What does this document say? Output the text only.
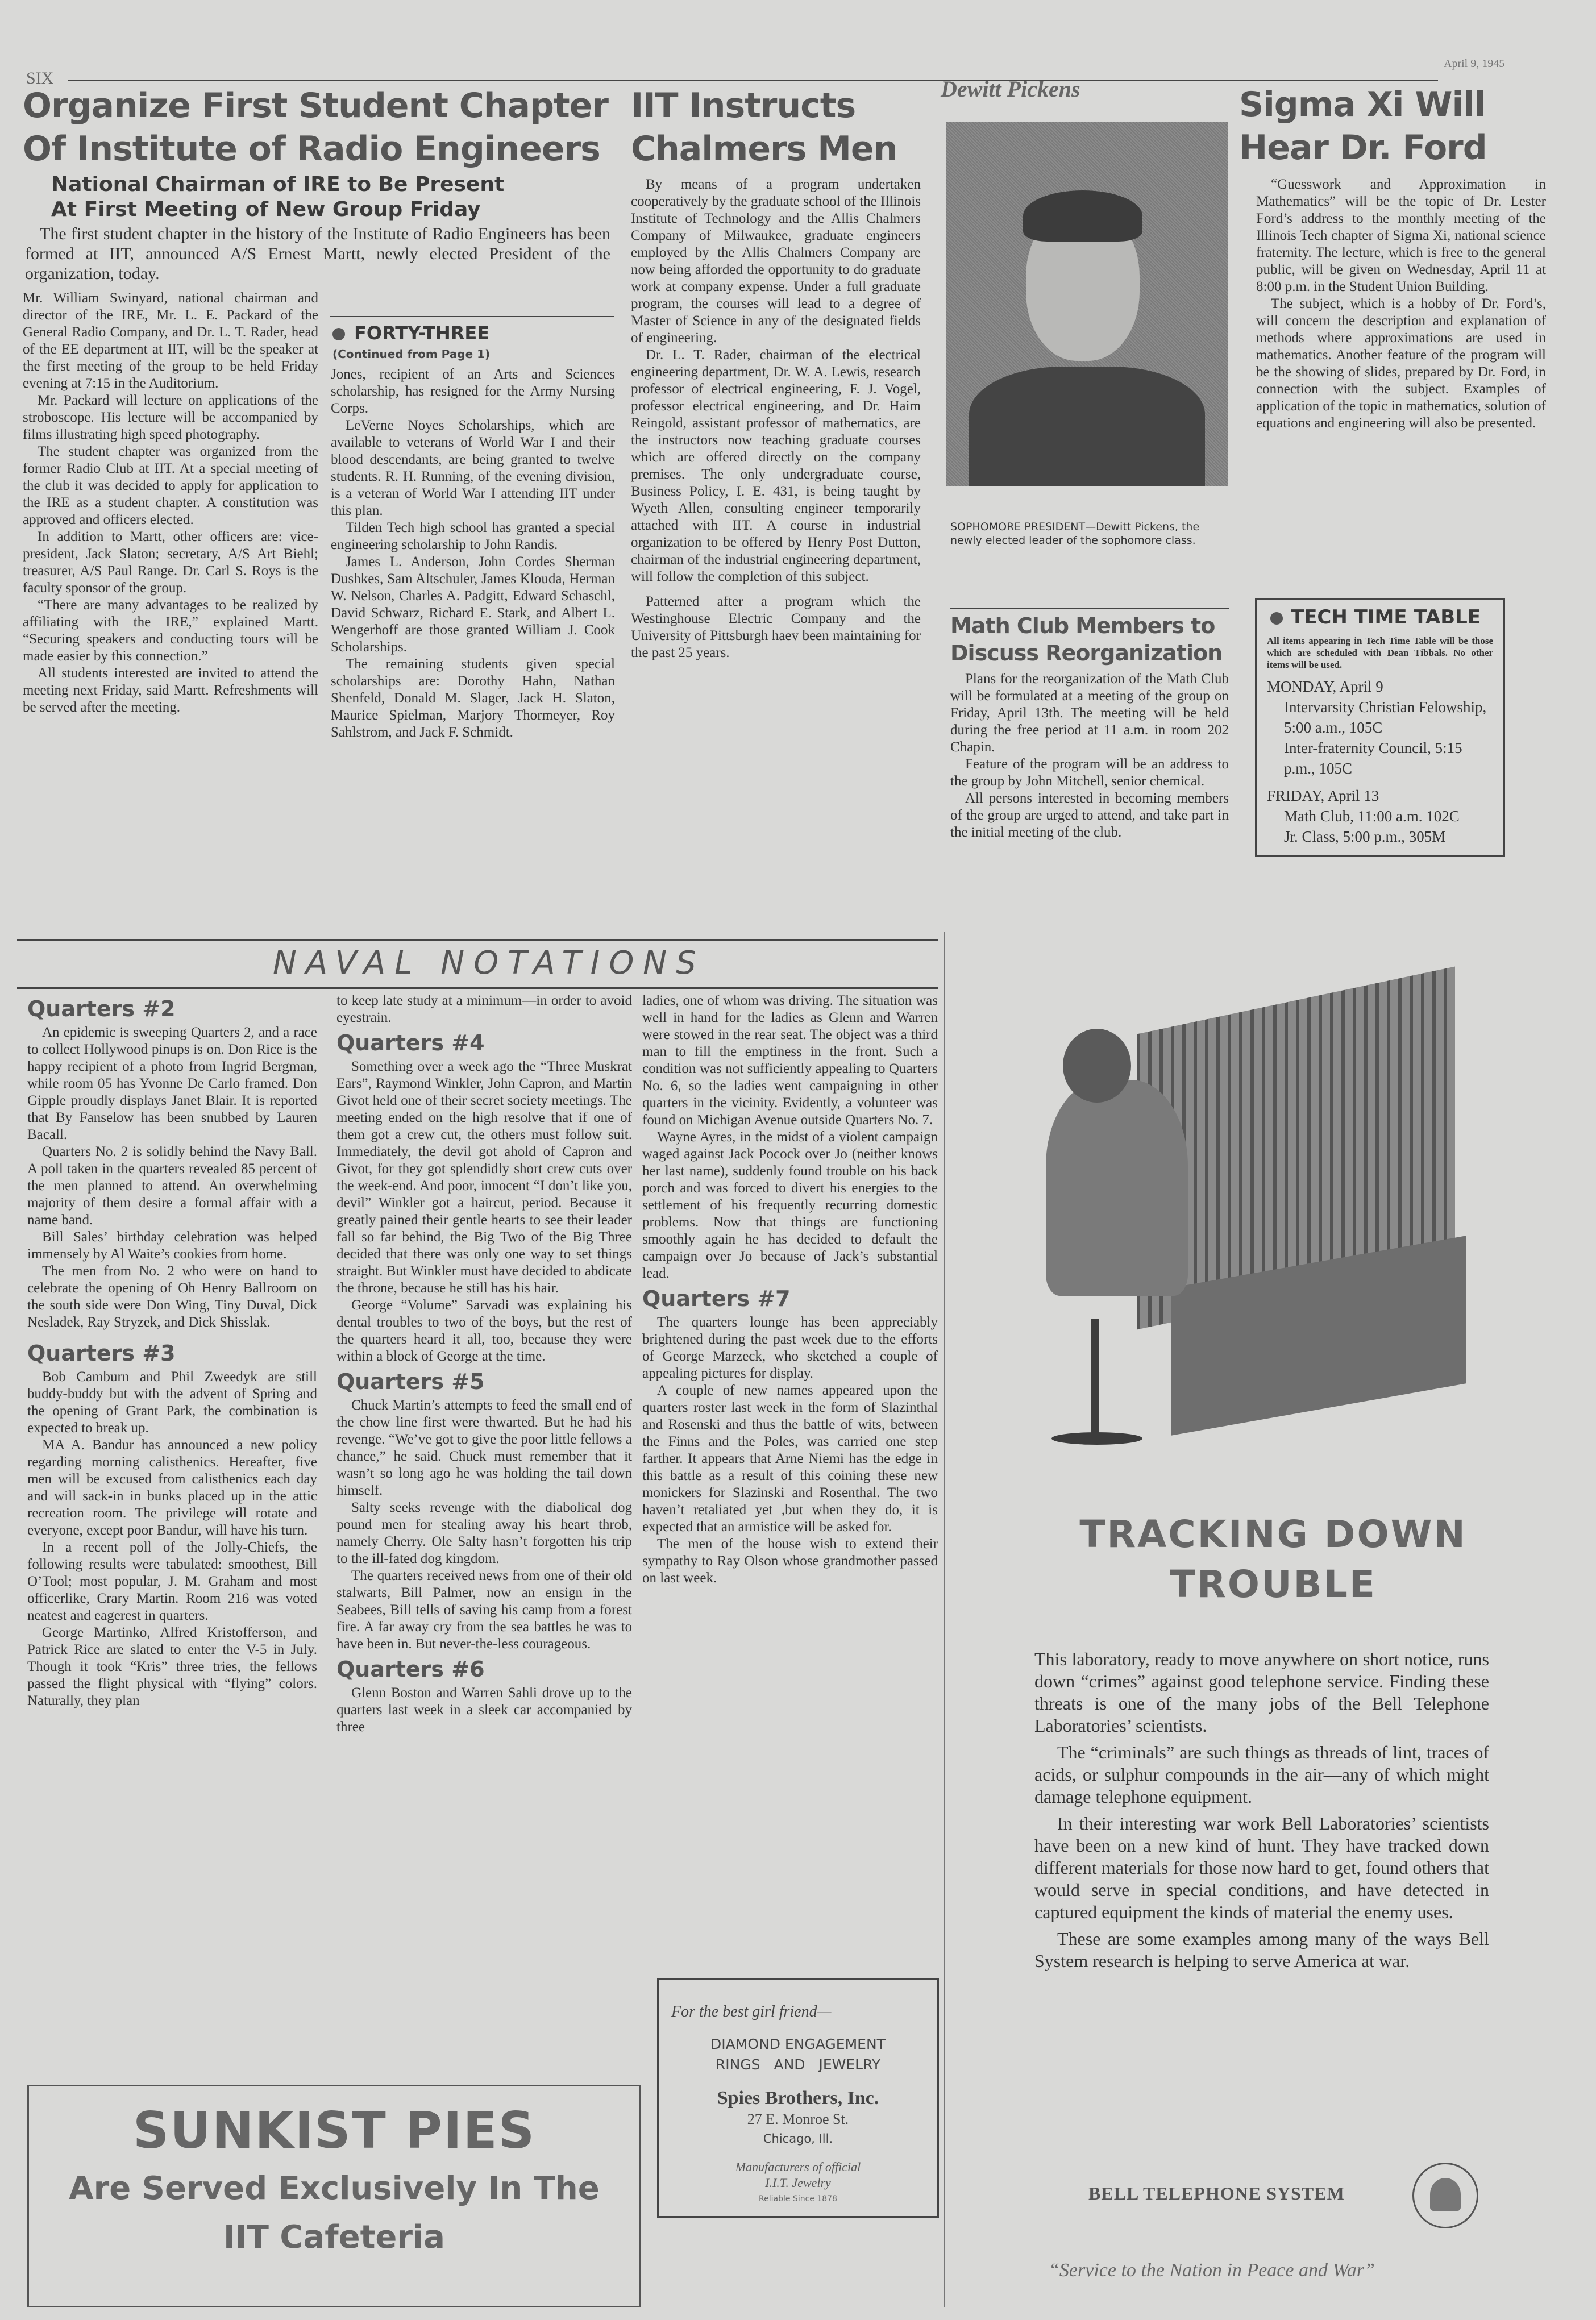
SIX
April 9, 1945
Organize First Student Chapter
Of Institute of Radio Engineers
National Chairman of IRE to Be Present
At First Meeting of New Group Friday

The first student chapter in the history of the Institute of Radio Engineers has been formed at IIT, announced A/S Ernest Martt, newly elected President of the organization, today.

Mr. William Swinyard, national chairman and director of the IRE, Mr. L. E. Packard of the General Radio Company, and Dr. L. T. Rader, head of the EE department at IIT, will be the speaker at the first meeting of the group to be held Friday evening at 7:15 in the Auditorium.

Mr. Packard will lecture on applications of the stroboscope. His lecture will be accompanied by films illustrating high speed photography.

The student chapter was organized from the former Radio Club at IIT. At a special meeting of the club it was decided to apply for application to the IRE as a student chapter. A constitution was approved and officers elected.

In addition to Martt, other officers are: vice-president, Jack Slaton; secretary, A/S Art Biehl; treasurer, A/S Paul Range. Dr. Carl S. Roys is the faculty sponsor of the group.

“There are many advantages to be realized by affiliating with the IRE,” explained Martt. “Securing speakers and conducting tours will be made easier by this connection.”

All students interested are invited to attend the meeting next Friday, said Martt. Refreshments will be served after the meeting.

FORTY-THREE
(Continued from Page 1)

Jones, recipient of an Arts and Sciences scholarship, has resigned for the Army Nursing Corps.

LeVerne Noyes Scholarships, which are available to veterans of World War I and their blood descendants, are being granted to twelve students. R. H. Running, of the evening division, is a veteran of World War I attending IIT under this plan.

Tilden Tech high school has granted a special engineering scholarship to John Randis.

James L. Anderson, John Cordes Sherman Dushkes, Sam Altschuler, James Klouda, Herman W. Nelson, Charles A. Padgitt, Edward Schaschl, David Schwarz, Richard E. Stark, and Albert L. Wengerhoff are those granted William J. Cook Scholarships.

The remaining students given special scholarships are: Dorothy Hahn, Nathan Shenfeld, Donald M. Slager, Jack H. Slaton, Maurice Spielman, Marjory Thormeyer, Roy Sahlstrom, and Jack F. Schmidt.

IIT Instructs
Chalmers Men

By means of a program undertaken cooperatively by the graduate school of the Illinois Institute of Technology and the Allis Chalmers Company of Milwaukee, graduate engineers employed by the Allis Chalmers Company are now being afforded the opportunity to do graduate work at company expense. Under a full graduate program, the courses will lead to a degree of Master of Science in any of the designated fields of engineering.

Dr. L. T. Rader, chairman of the electrical engineering department, Dr. W. A. Lewis, research professor of electrical engineering, F. J. Vogel, professor electrical engineering, and Dr. Haim Reingold, assistant professor of mathematics, are the instructors now teaching graduate courses which are offered directly on the company premises. The only undergraduate course, Business Policy, I. E. 431, is being taught by Wyeth Allen, consulting engineer temporarily attached with IIT. A course in industrial organization to be offered by Henry Post Dutton, chairman of the industrial engineering department, will follow the completion of this subject.

Patterned after a program which the Westinghouse Electric Company and the University of Pittsburgh haev been maintaining for the past 25 years.

Dewitt Pickens
SOPHOMORE PRESIDENT—Dewitt Pickens, the newly elected leader of the sophomore class.
Math Club Members to
Discuss Reorganization

Plans for the reorganization of the Math Club will be formulated at a meeting of the group on Friday, April 13th. The meeting will be held during the free period at 11 a.m. in room 202 Chapin.

Feature of the program will be an address to the group by John Mitchell, senior chemical.

All persons interested in becoming members of the group are urged to attend, and take part in the initial meeting of the club.

Sigma Xi Will
Hear Dr. Ford

“Guesswork and Approximation in Mathematics” will be the topic of Dr. Lester Ford’s address to the monthly meeting of the Illinois Tech chapter of Sigma Xi, national science fraternity. The lecture, which is free to the general public, will be given on Wednesday, April 11 at 8:00 p.m. in the Student Union Building.

The subject, which is a hobby of Dr. Ford’s, will concern the description and explanation of methods where approximations are used in mathematics. Another feature of the program will be the showing of slides, prepared by Dr. Ford, in connection with the subject. Examples of application of the topic in mathematics, solution of equations and engineering will also be presented.

TECH TIME TABLE
All items appearing in Tech Time Table will be those which are scheduled with Dean Tibbals. No other items will be used.
MONDAY, April 9
Intervarsity Christian Felowship, 5:00 a.m., 105C
Inter-fraternity Council, 5:15 p.m., 105C
FRIDAY, April 13
Math Club, 11:00 a.m. 102C
Jr. Class, 5:00 p.m., 305M
NAVAL NOTATIONS
Quarters #2

An epidemic is sweeping Quarters 2, and a race to collect Hollywood pinups is on. Don Rice is the happy recipient of a photo from Ingrid Bergman, while room 05 has Yvonne De Carlo framed. Don Gipple proudly displays Janet Blair. It is reported that By Fanselow has been snubbed by Lauren Bacall.

Quarters No. 2 is solidly behind the Navy Ball. A poll taken in the quarters revealed 85 percent of the men planned to attend. An overwhelming majority of them desire a formal affair with a name band.

Bill Sales’ birthday celebration was helped immensely by Al Waite’s cookies from home.

The men from No. 2 who were on hand to celebrate the opening of Oh Henry Ballroom on the south side were Don Wing, Tiny Duval, Dick Nesladek, Ray Stryzek, and Dick Shisslak.

Quarters #3

Bob Camburn and Phil Zweedyk are still buddy-buddy but with the advent of Spring and the opening of Grant Park, the combination is expected to break up.

MA A. Bandur has announced a new policy regarding morning calisthenics. Hereafter, five men will be excused from calisthenics each day and will sack-in in bunks placed up in the attic recreation room. The privilege will rotate and everyone, except poor Bandur, will have his turn.

In a recent poll of the Jolly-Chiefs, the following results were tabulated: smoothest, Bill O’Tool; most popular, J. M. Graham and most officerlike, Crary Martin. Room 216 was voted neatest and eagerest in quarters.

George Martinko, Alfred Kristofferson, and Patrick Rice are slated to enter the V-5 in July. Though it took “Kris” three tries, the fellows passed the flight physical with “flying” colors. Naturally, they plan

to keep late study at a minimum—in order to avoid eyestrain.

Quarters #4

Something over a week ago the “Three Muskrat Ears”, Raymond Winkler, John Capron, and Martin Givot held one of their secret society meetings. The meeting ended on the high resolve that if one of them got a crew cut, the others must follow suit. Immediately, the devil got ahold of Capron and Givot, for they got splendidly short crew cuts over the week-end. And poor, innocent “I don’t like you, devil” Winkler got a haircut, period. Because it greatly pained their gentle hearts to see their leader fall so far behind, the Big Two of the Big Three decided that there was only one way to set things straight. But Winkler must have decided to abdicate the throne, because he still has his hair.

George “Volume” Sarvadi was explaining his dental troubles to two of the boys, but the rest of the quarters heard it all, too, because they were within a block of George at the time.

Quarters #5

Chuck Martin’s attempts to feed the small end of the chow line first were thwarted. But he had his revenge. “We’ve got to give the poor little fellows a chance,” he said. Chuck must remember that it wasn’t so long ago he was holding the tail down himself.

Salty seeks revenge with the diabolical dog pound men for stealing away his heart throb, namely Cherry. Ole Salty hasn’t forgotten his trip to the ill-fated dog kingdom.

The quarters received news from one of their old stalwarts, Bill Palmer, now an ensign in the Seabees, Bill tells of saving his camp from a forest fire. A far away cry from the sea battles he was to have been in. But never-the-less courageous.

Quarters #6

Glenn Boston and Warren Sahli drove up to the quarters last week in a sleek car accompanied by three

ladies, one of whom was driving. The situation was well in hand for the ladies as Glenn and Warren were stowed in the rear seat. The object was a third man to fill the emptiness in the front. Such a condition was not sufficiently appealing to Quarters No. 6, so the ladies went campaigning in other quarters in the vicinity. Evidently, a volunteer was found on Michigan Avenue outside Quarters No. 7.

Wayne Ayres, in the midst of a violent campaign waged against Jack Pocock over Jo (neither knows her last name), suddenly found trouble on his back porch and was forced to divert his energies to the settlement of his frequently recurring domestic problems. Now that things are functioning smoothly again he has decided to default the campaign over Jo because of Jack’s substantial lead.

Quarters #7

The quarters lounge has been appreciably brightened during the past week due to the efforts of George Marzeck, who sketched a couple of appealing pictures for display.

A couple of new names appeared upon the quarters roster last week in the form of Slazinthal and Rosenski and thus the battle of wits, between the Finns and the Poles, was carried one step farther. It appears that Arne Niemi has the edge in this battle as a result of this coining these new monickers for Slazinski and Rosenthal. The two haven’t retaliated yet ,but when they do, it is expected that an armistice will be asked for.

The men of the house wish to extend their sympathy to Ray Olson whose grandmother passed on last week.

For the best girl friend—
DIAMOND ENGAGEMENT
RINGS AND JEWELRY
Spies Brothers, Inc.
27 E. Monroe St.
Chicago, Ill.
Manufacturers of official
I.I.T. Jewelry
Reliable Since 1878
SUNKIST PIES
Are Served Exclusively In The
IIT Cafeteria
TRACKING DOWN
TROUBLE

This laboratory, ready to move anywhere on short notice, runs down “crimes” against good telephone service. Finding these threats is one of the many jobs of the Bell Telephone Laboratories’ scientists.

The “criminals” are such things as threads of lint, traces of acids, or sulphur compounds in the air—any of which might damage telephone equipment.

In their interesting war work Bell Laboratories’ scientists have been on a new kind of hunt. They have tracked down different materials for those now hard to get, found others that would serve in special conditions, and have detected in captured equipment the kinds of material the enemy uses.

These are some examples among many of the ways Bell System research is helping to serve America at war.

BELL TELEPHONE SYSTEM
“Service to the Nation in Peace and War”
